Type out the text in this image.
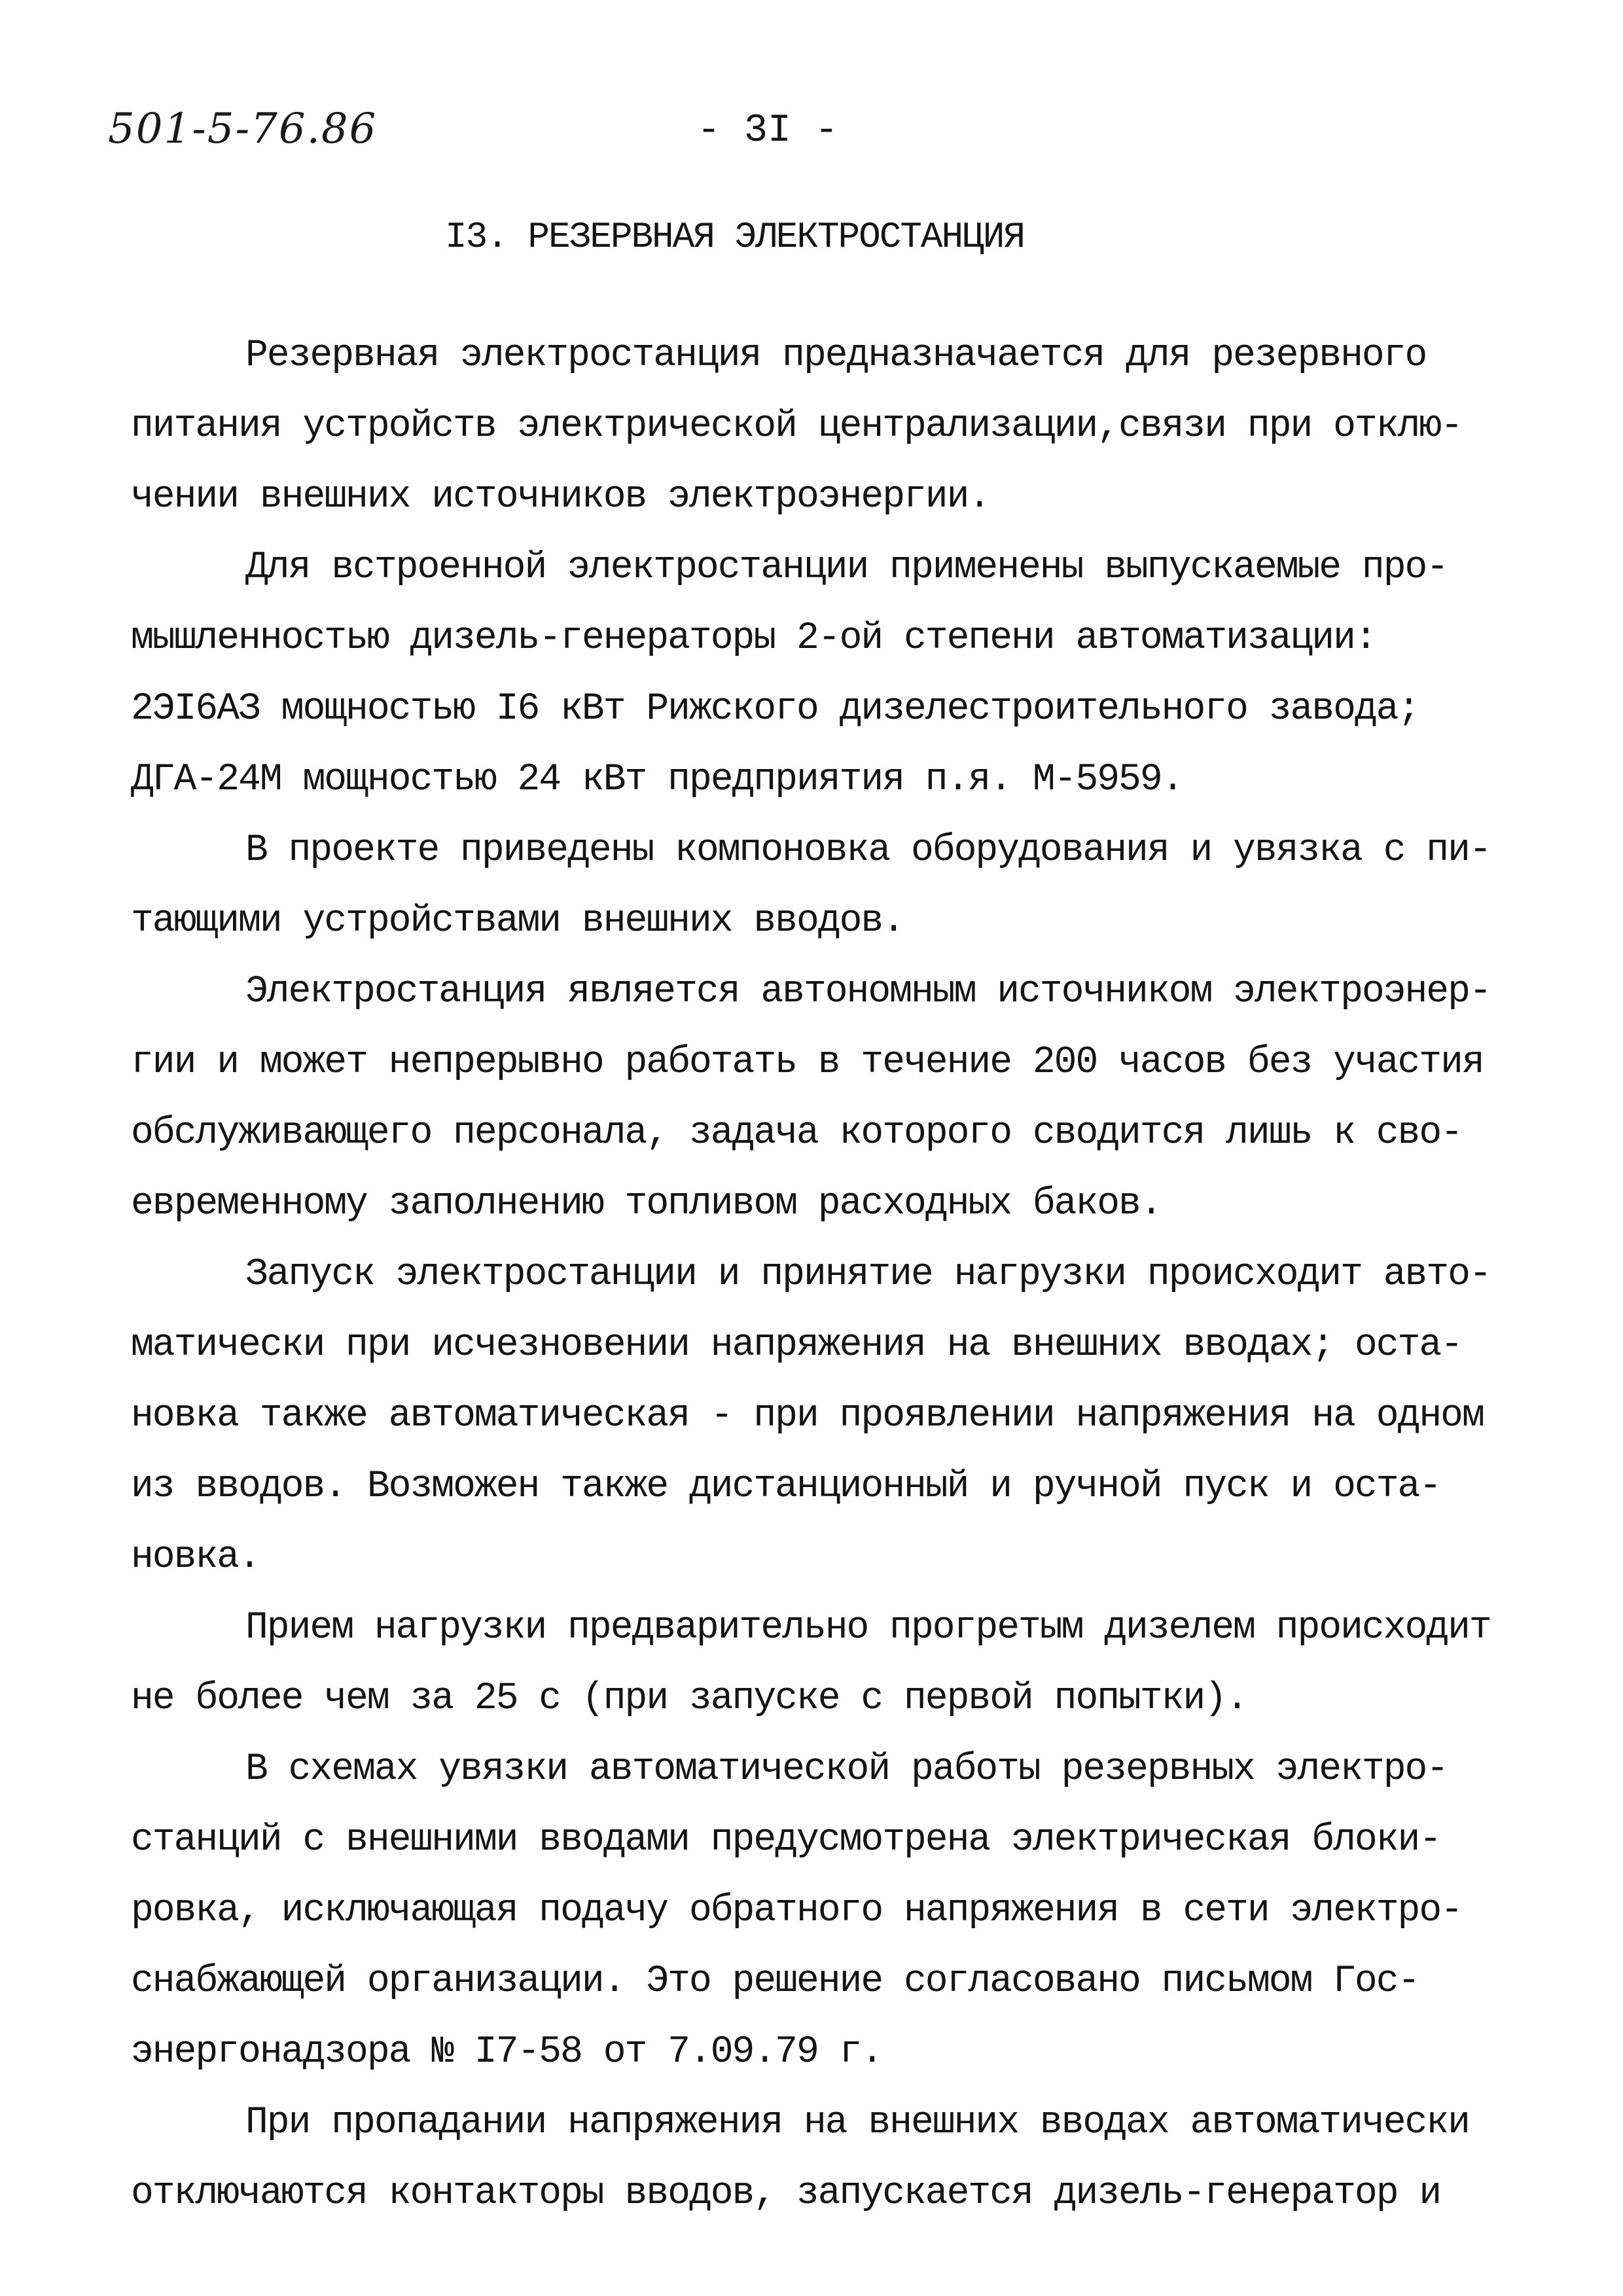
501-5-76.86	- 3I -
I3. РЕЗЕРВНАЯ ЭЛЕКТРОСТАНЦИЯ
Резервная электростанция предназначается для резервного
питания устройств электрической централизации,связи при отклю-
чении внешних источников электроэнергии.
Для встроенной электростанции применены выпускаемые про-
мышленностью дизель-генераторы 2-ой степени автоматизации:
2ЭI6АЗ мощностью I6 кВт Рижского дизелестроительного завода;
ДГА-24М мощностью 24 кВт предприятия п.я. М-5959.
В проекте приведены компоновка оборудования и увязка с пи-
тающими устройствами внешних вводов.
Электростанция является автономным источником электроэнер-
гии и может непрерывно работать в течение 200 часов без участия
обслуживающего персонала, задача которого сводится лишь к сво-
евременному заполнению топливом расходных баков.
Запуск электростанции и принятие нагрузки происходит авто-
матически при исчезновении напряжения на внешних вводах; оста-
новка также автоматическая - при проявлении напряжения на одном
из вводов. Возможен также дистанционный и ручной пуск и оста-
новка.
Прием нагрузки предварительно прогретым дизелем происходит
не более чем за 25 с (при запуске с первой попытки).
В схемах увязки автоматической работы резервных электро-
станций с внешними вводами предусмотрена электрическая блоки-
ровка, исключающая подачу обратного напряжения в сети электро-
снабжающей организации. Это решение согласовано письмом Гос-
энергонадзора № I7-58 от 7.09.79 г.
При пропадании напряжения на внешних вводах автоматически
отключаются контакторы вводов, запускается дизель-генератор и
